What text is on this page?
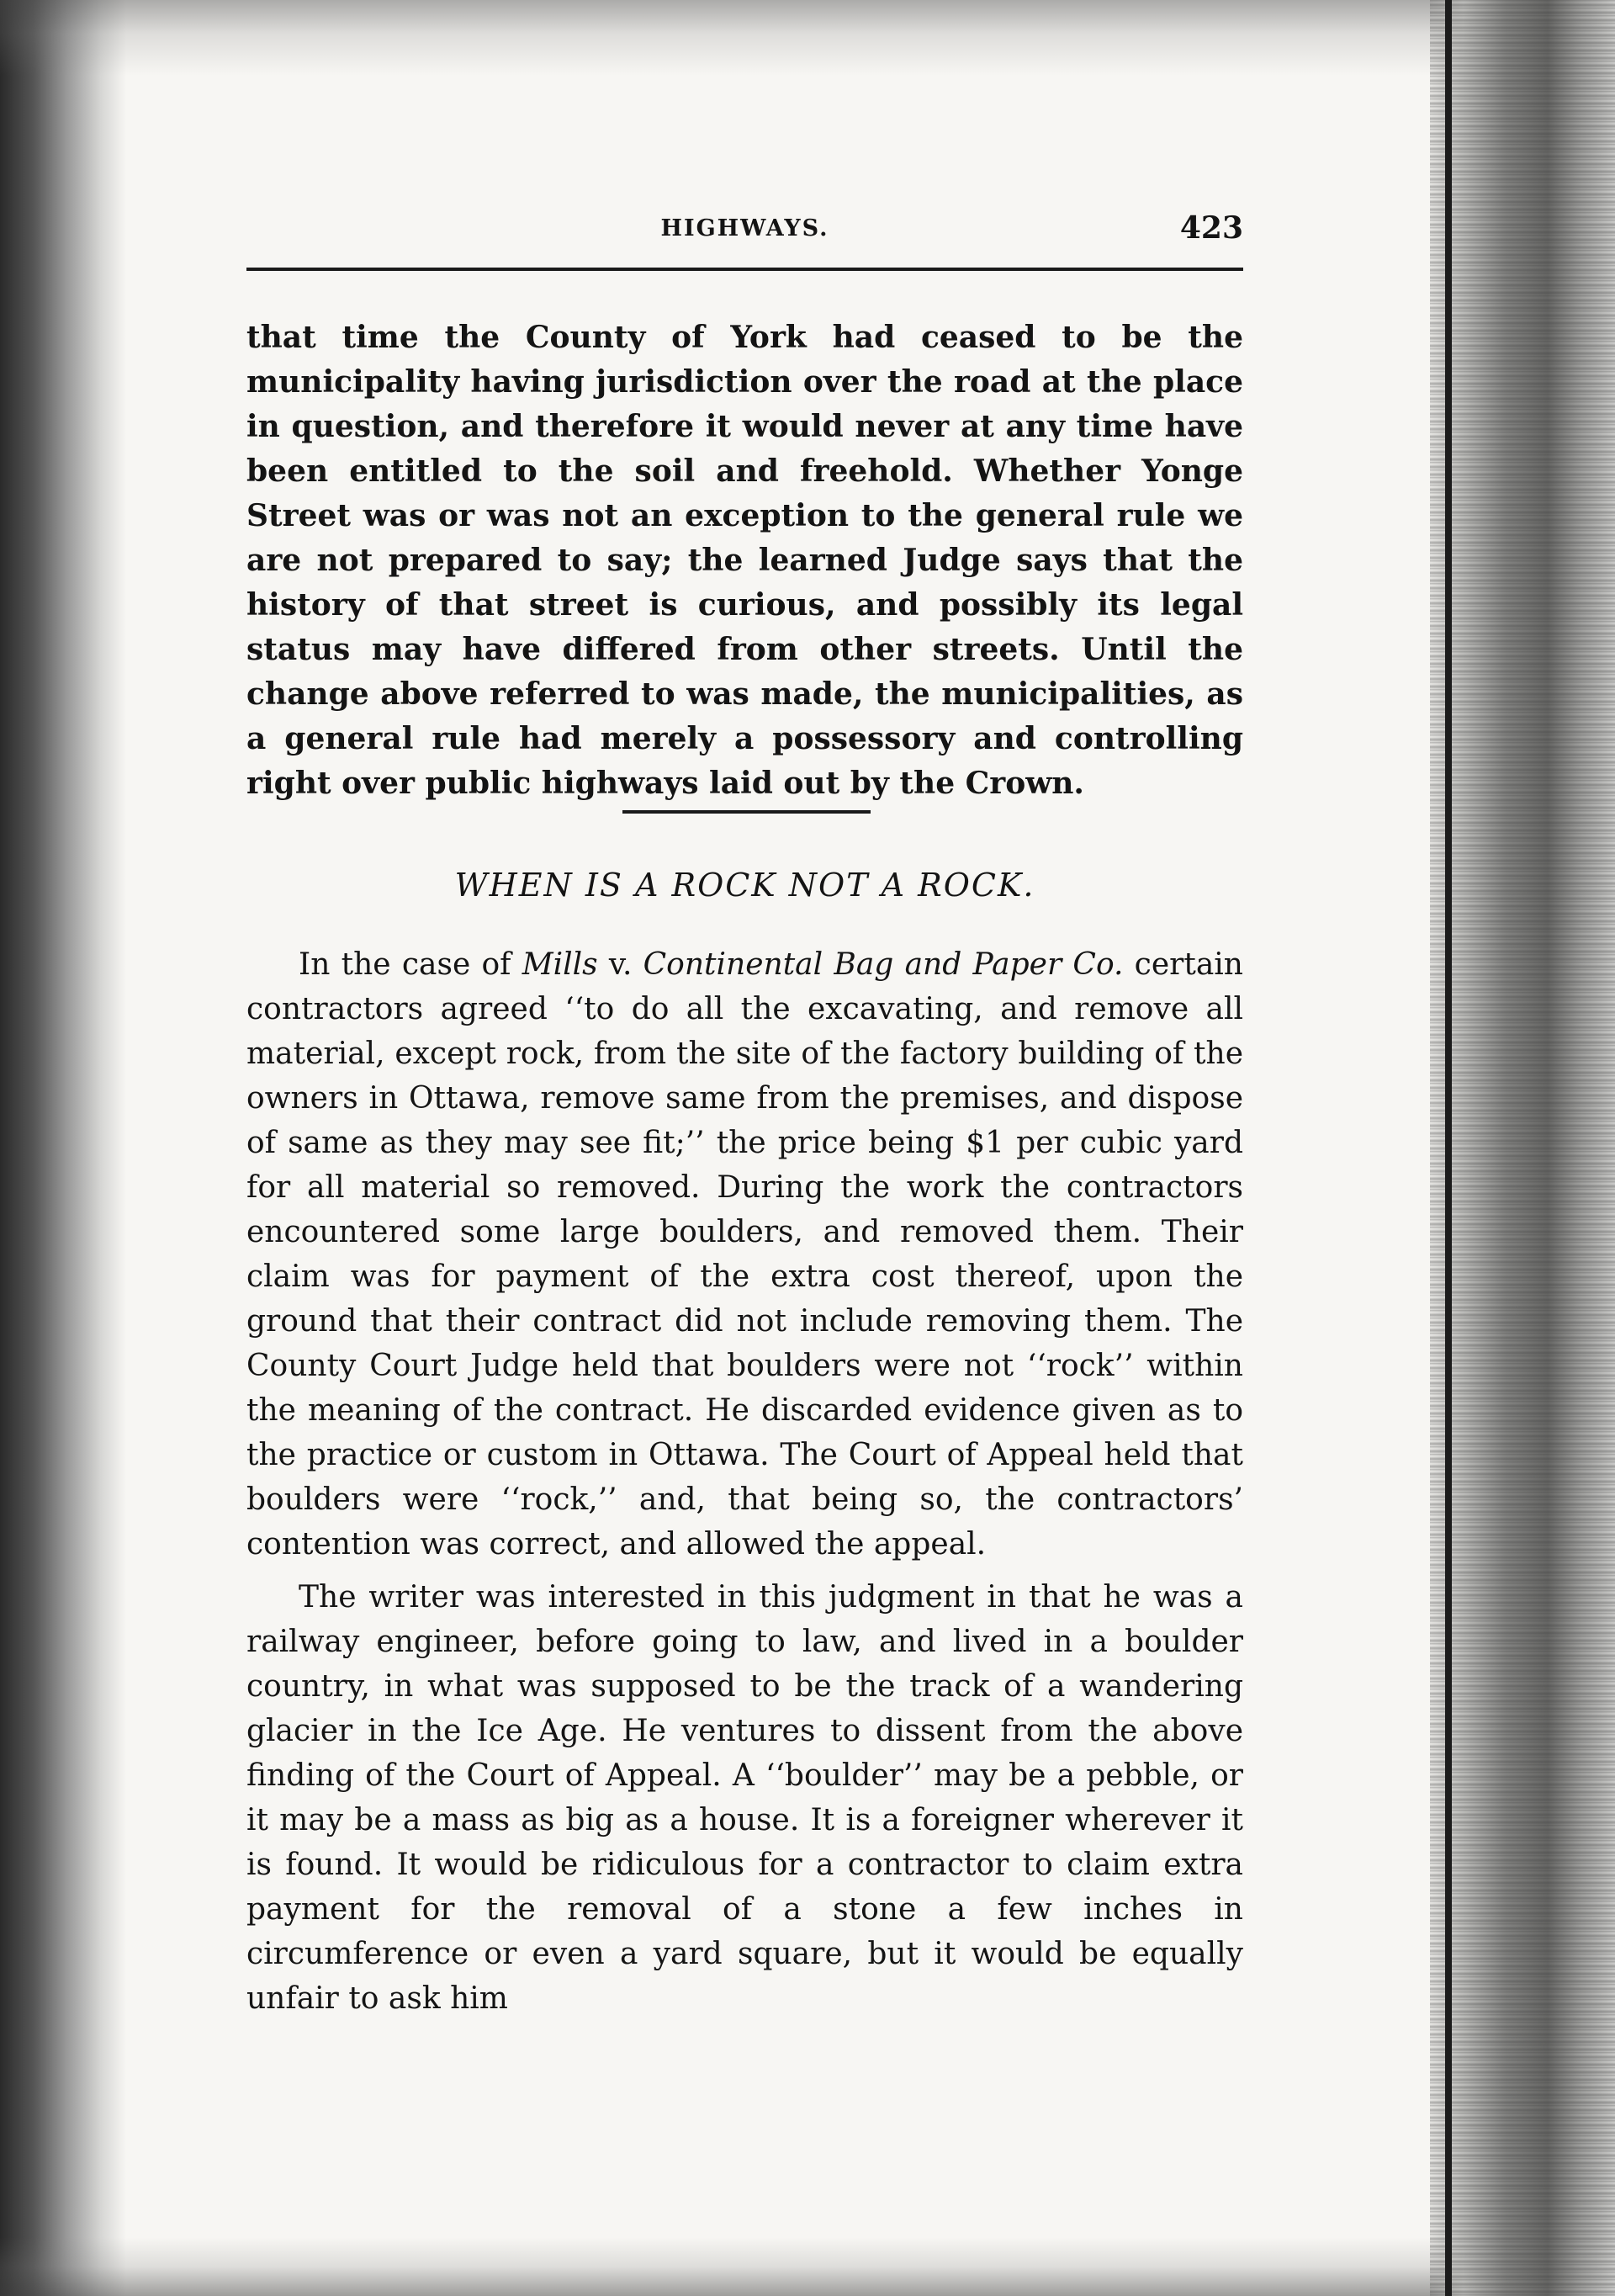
HIGHWAYS.	423

that time the County of York had ceased to be the municipality having jurisdiction over the road at the place in question, and therefore it would never at any time have been entitled to the soil and freehold. Whether Yonge Street was or was not an exception to the general rule we are not prepared to say; the learned Judge says that the history of that street is curious, and possibly its legal status may have differed from other streets. Until the change above referred to was made, the municipalities, as a general rule had merely a possessory and controlling right over public highways laid out by the Crown.

WHEN IS A ROCK NOT A ROCK.

In the case of Mills v. Continental Bag and Paper Co. certain contractors agreed ‘‘to do all the excavating, and remove all material, except rock, from the site of the factory building of the owners in Ottawa, remove same from the premises, and dispose of same as they may see fit;’’ the price being $1 per cubic yard for all material so removed. During the work the contractors encountered some large boulders, and removed them. Their claim was for payment of the extra cost thereof, upon the ground that their contract did not include removing them. The County Court Judge held that boulders were not ‘‘rock’’ within the meaning of the contract. He discarded evidence given as to the practice or custom in Ottawa. The Court of Appeal held that boulders were ‘‘rock,’’ and, that being so, the contractors’ contention was correct, and allowed the appeal.

The writer was interested in this judgment in that he was a railway engineer, before going to law, and lived in a boulder country, in what was supposed to be the track of a wandering glacier in the Ice Age. He ventures to dissent from the above finding of the Court of Appeal. A ‘‘boulder’’ may be a pebble, or it may be a mass as big as a house. It is a foreigner wherever it is found. It would be ridiculous for a contractor to claim extra payment for the removal of a stone a few inches in circumference or even a yard square, but it would be equally unfair to ask him
